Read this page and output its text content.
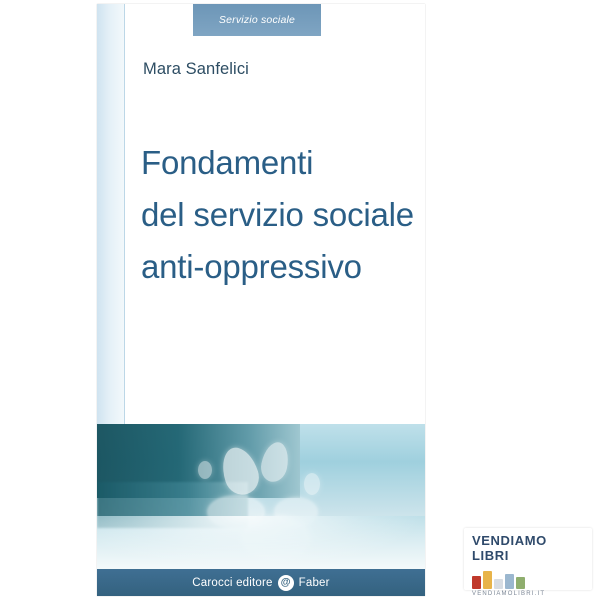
Servizio sociale
Mara Sanfelici
Fondamenti
del servizio sociale
anti-oppressivo
Carocci editore @ Faber
VENDIAMO
LIBRI
VENDIAMOLIBRI.IT
